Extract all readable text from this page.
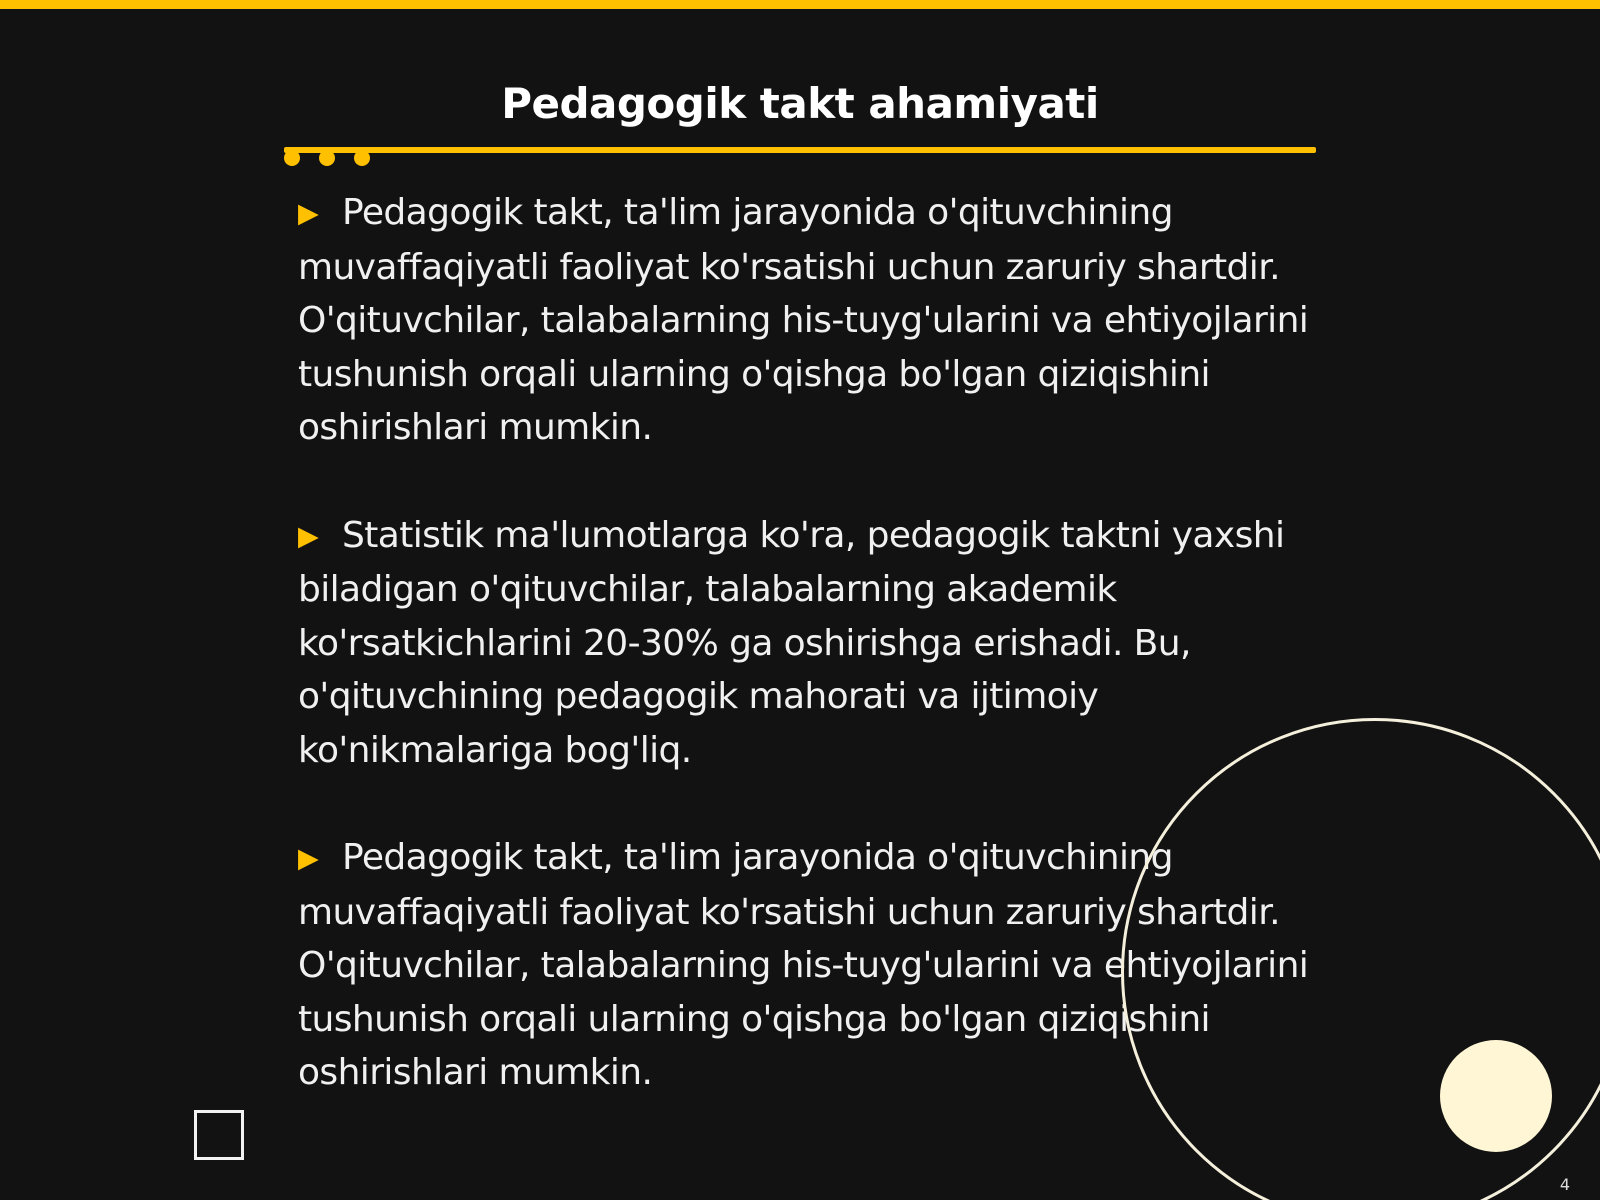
Pedagogik takt ahamiyati

▶ Pedagogik takt, ta'lim jarayonida o'qituvchining muvaffaqiyatli faoliyat ko'rsatishi uchun zaruriy shartdir. O'qituvchilar, talabalarning his-tuyg'ularini va ehtiyojlarini tushunish orqali ularning o'qishga bo'lgan qiziqishini oshirishlari mumkin.

▶ Statistik ma'lumotlarga ko'ra, pedagogik taktni yaxshi biladigan o'qituvchilar, talabalarning akademik ko'rsatkichlarini 20-30% ga oshirishga erishadi. Bu, o'qituvchining pedagogik mahorati va ijtimoiy ko'nikmalariga bog'liq.

▶ Pedagogik takt, ta'lim jarayonida o'qituvchining muvaffaqiyatli faoliyat ko'rsatishi uchun zaruriy shartdir. O'qituvchilar, talabalarning his-tuyg'ularini va ehtiyojlarini tushunish orqali ularning o'qishga bo'lgan qiziqishini oshirishlari mumkin.

4
